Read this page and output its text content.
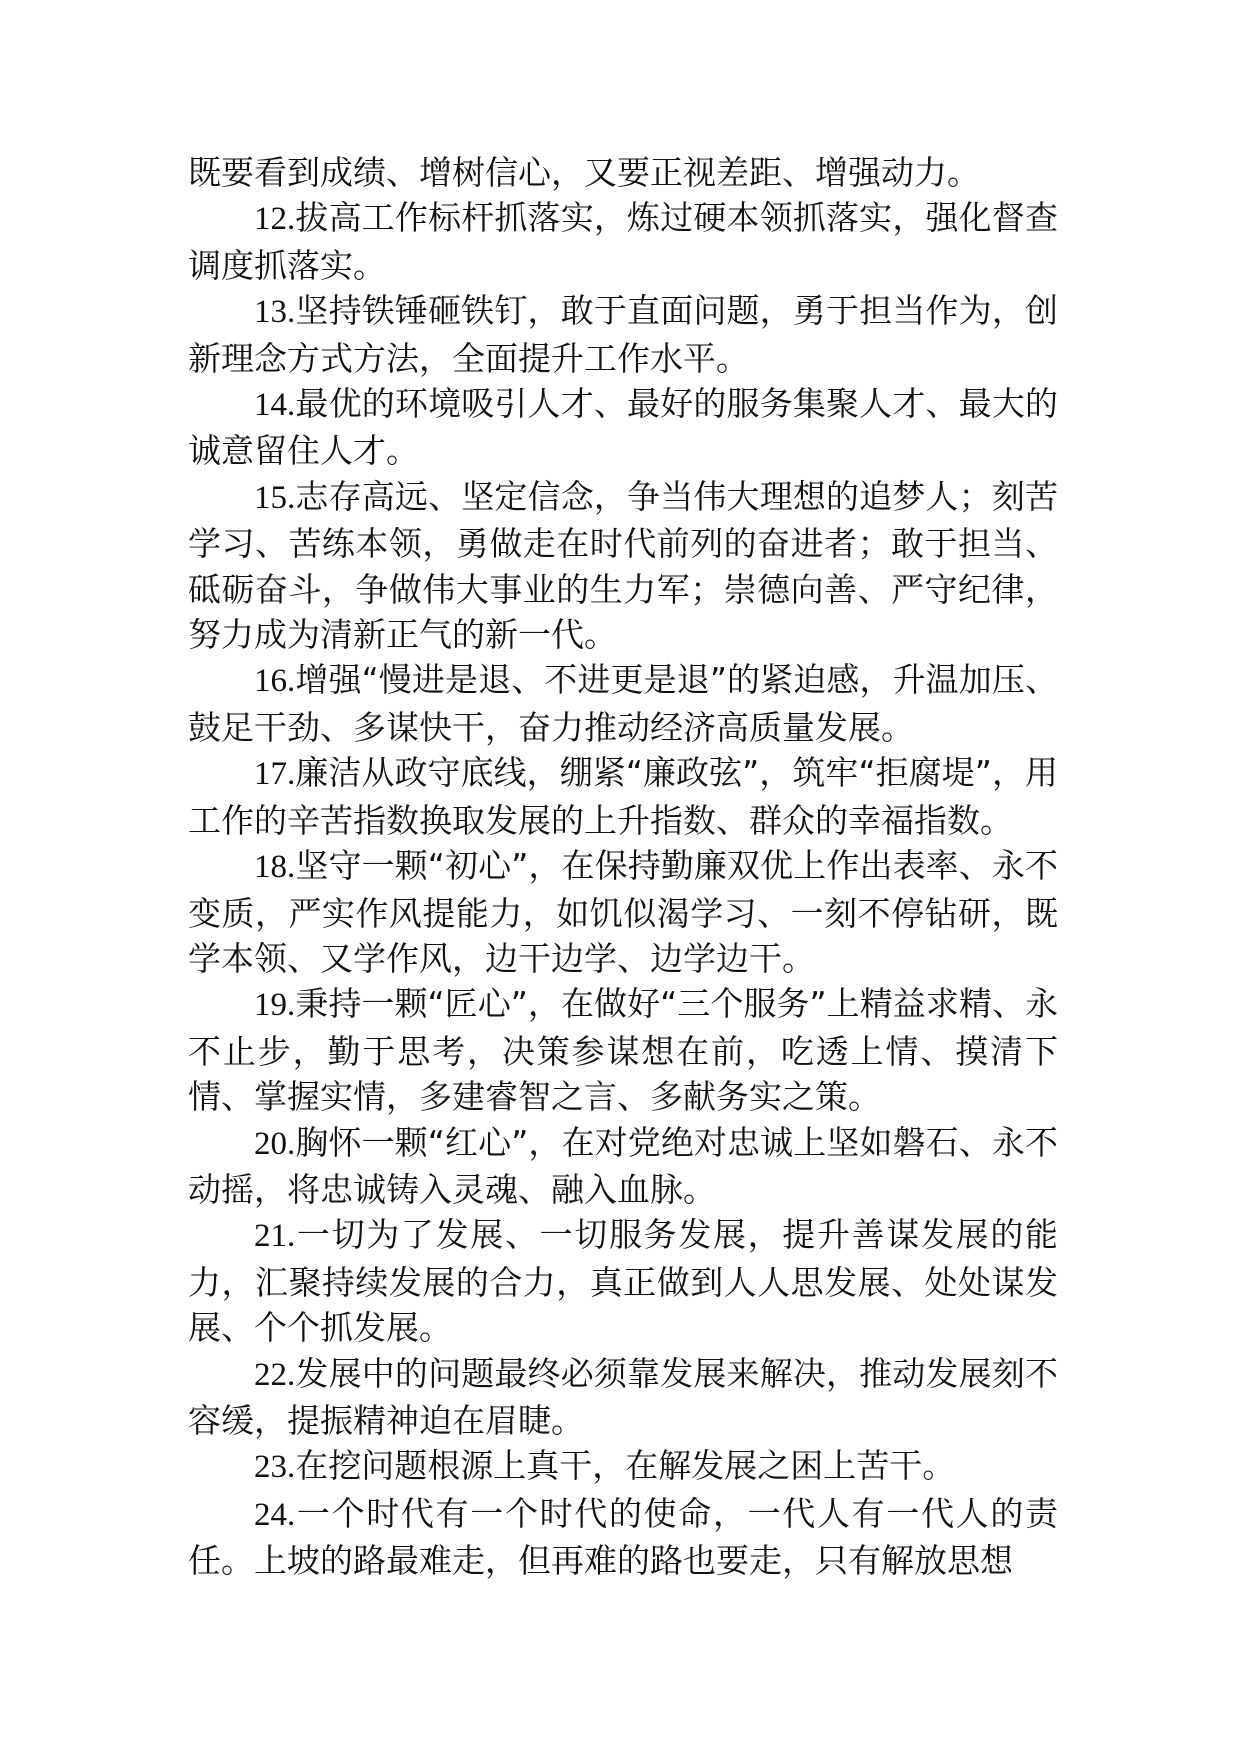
既要看到成绩、增树信心，又要正视差距、增强动力。

12.拔高工作标杆抓落实，炼过硬本领抓落实，强化督查调度抓落实。

13.坚持铁锤砸铁钉，敢于直面问题，勇于担当作为，创新理念方式方法，全面提升工作水平。

14.最优的环境吸引人才、最好的服务集聚人才、最大的诚意留住人才。

15.志存高远、坚定信念，争当伟大理想的追梦人；刻苦学习、苦练本领，勇做走在时代前列的奋进者；敢于担当、砥砺奋斗，争做伟大事业的生力军；崇德向善、严守纪律，努力成为清新正气的新一代。

16.增强“慢进是退、不进更是退”的紧迫感，升温加压、鼓足干劲、多谋快干，奋力推动经济高质量发展。

17.廉洁从政守底线，绷紧“廉政弦”，筑牢“拒腐堤”，用工作的辛苦指数换取发展的上升指数、群众的幸福指数。

18.坚守一颗“初心”，在保持勤廉双优上作出表率、永不变质，严实作风提能力，如饥似渴学习、一刻不停钻研，既学本领、又学作风，边干边学、边学边干。

19.秉持一颗“匠心”，在做好“三个服务”上精益求精、永不止步，勤于思考，决策参谋想在前，吃透上情、摸清下情、掌握实情，多建睿智之言、多献务实之策。

20.胸怀一颗“红心”，在对党绝对忠诚上坚如磐石、永不动摇，将忠诚铸入灵魂、融入血脉。

21.一切为了发展、一切服务发展，提升善谋发展的能力，汇聚持续发展的合力，真正做到人人思发展、处处谋发展、个个抓发展。

22.发展中的问题最终必须靠发展来解决，推动发展刻不容缓，提振精神迫在眉睫。

23.在挖问题根源上真干，在解发展之困上苦干。

24.一个时代有一个时代的使命，一代人有一代人的责任。上坡的路最难走，但再难的路也要走，只有解放思想
